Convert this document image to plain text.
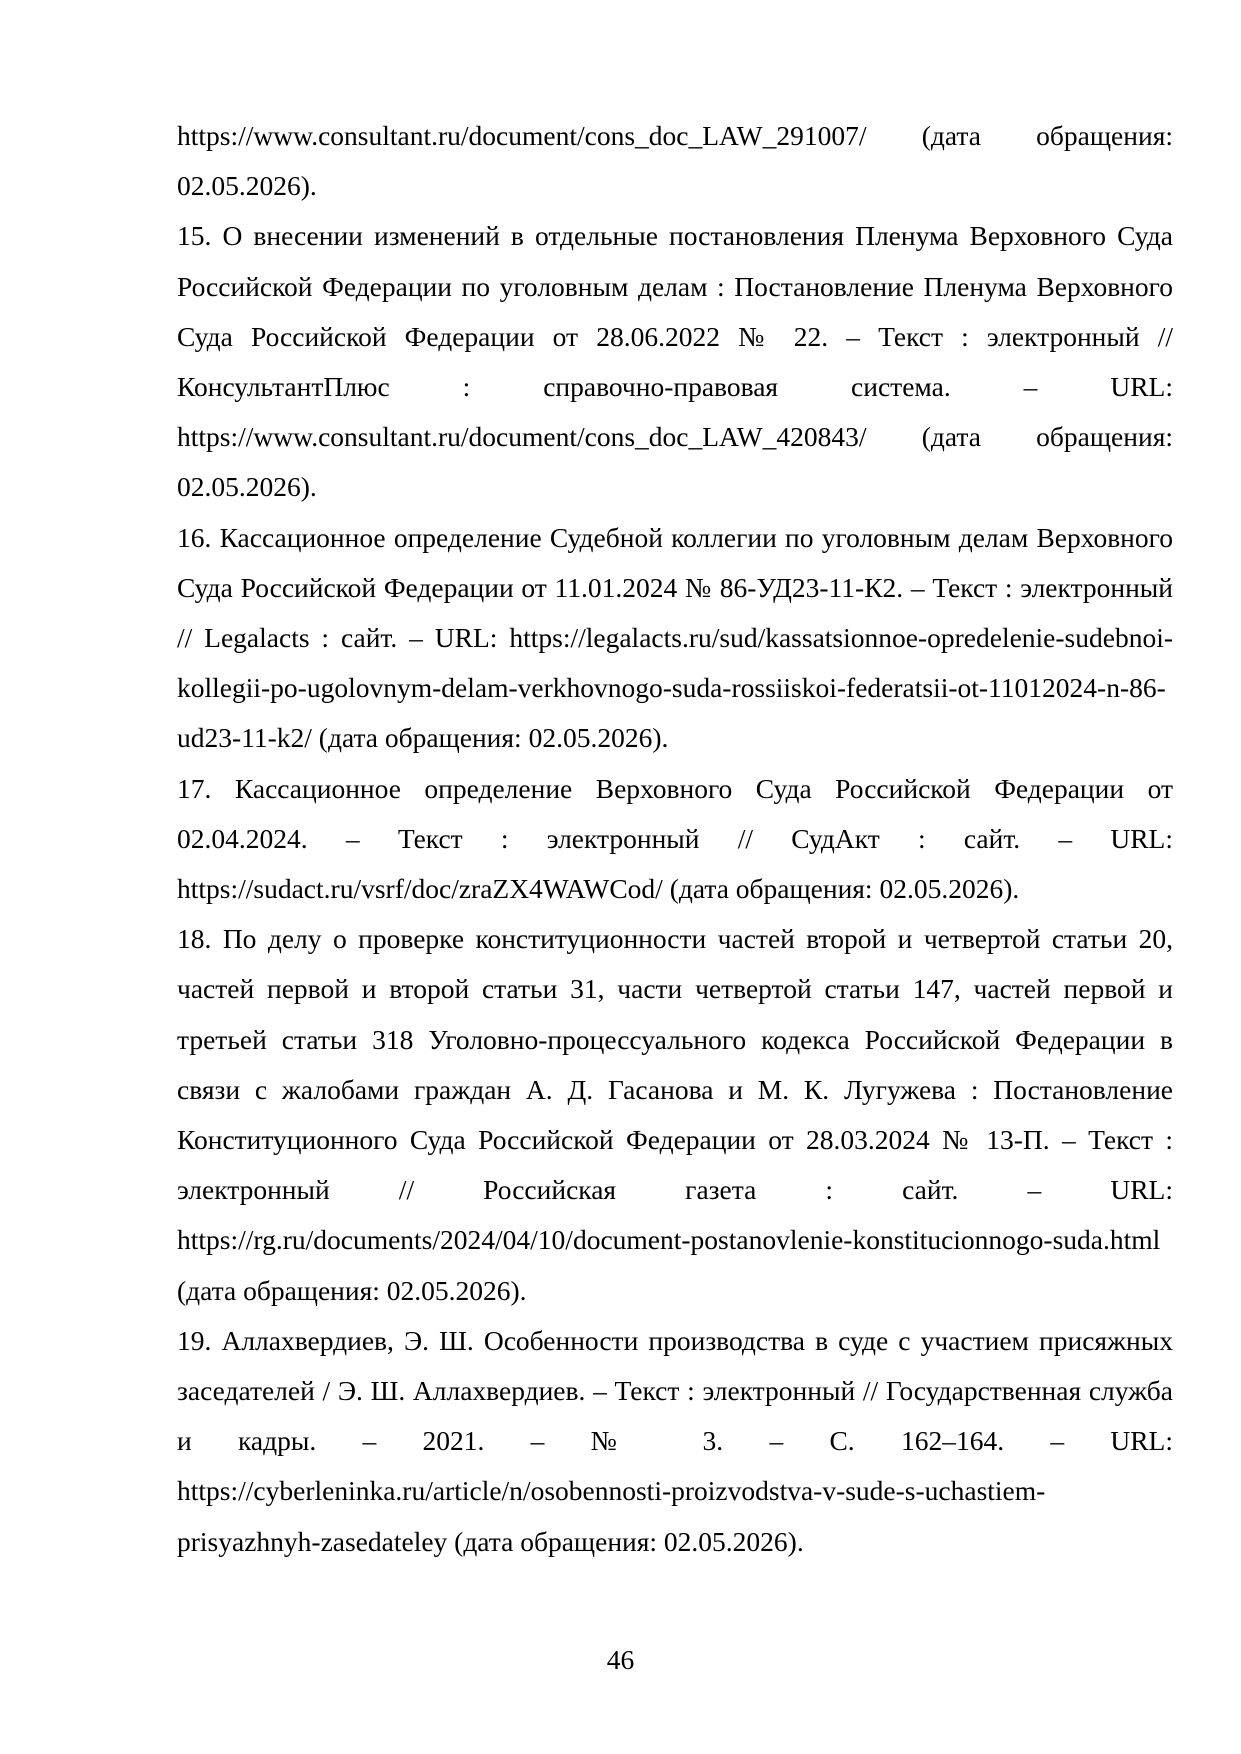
https://www.consultant.ru/document/cons_doc_LAW_291007/ (дата обращения: 02.05.2026).

15. О внесении изменений в отдельные постановления Пленума Верховного Суда Российской Федерации по уголовным делам : Постановление Пленума Верховного Суда Российской Федерации от 28.06.2022 № 22. – Текст : электронный // КонсультантПлюс : справочно-правовая система. – URL: https://www.consultant.ru/document/cons_doc_LAW_420843/ (дата обращения: 02.05.2026).

16. Кассационное определение Судебной коллегии по уголовным делам Верховного Суда Российской Федерации от 11.01.2024 № 86-УД23-11-К2. – Текст : электронный // Legalacts : сайт. – URL: https://legalacts.ru/sud/kassatsionnoe-opredelenie-sudebnoi-kollegii-po-ugolovnym-delam-verkhovnogo-suda-rossiiskoi-federatsii-ot-11012024-n-86-ud23-11-k2/ (дата обращения: 02.05.2026).

17. Кассационное определение Верховного Суда Российской Федерации от 02.04.2024. – Текст : электронный // СудАкт : сайт. – URL: https://sudact.ru/vsrf/doc/zraZX4WAWCod/ (дата обращения: 02.05.2026).

18. По делу о проверке конституционности частей второй и четвертой статьи 20, частей первой и второй статьи 31, части четвертой статьи 147, частей первой и третьей статьи 318 Уголовно-процессуального кодекса Российской Федерации в связи с жалобами граждан А. Д. Гасанова и М. К. Лугужева : Постановление Конституционного Суда Российской Федерации от 28.03.2024 № 13-П. – Текст : электронный // Российская газета : сайт. – URL: https://rg.ru/documents/2024/04/10/document-postanovlenie-konstitucionnogo-suda.html (дата обращения: 02.05.2026).

19. Аллахвердиев, Э. Ш. Особенности производства в суде с участием присяжных заседателей / Э. Ш. Аллахвердиев. – Текст : электронный // Государственная служба и кадры. – 2021. – № 3. – С. 162–164. – URL: https://cyberleninka.ru/article/n/osobennosti-proizvodstva-v-sude-s-uchastiem-prisyazhnyh-zasedateley (дата обращения: 02.05.2026).

46
